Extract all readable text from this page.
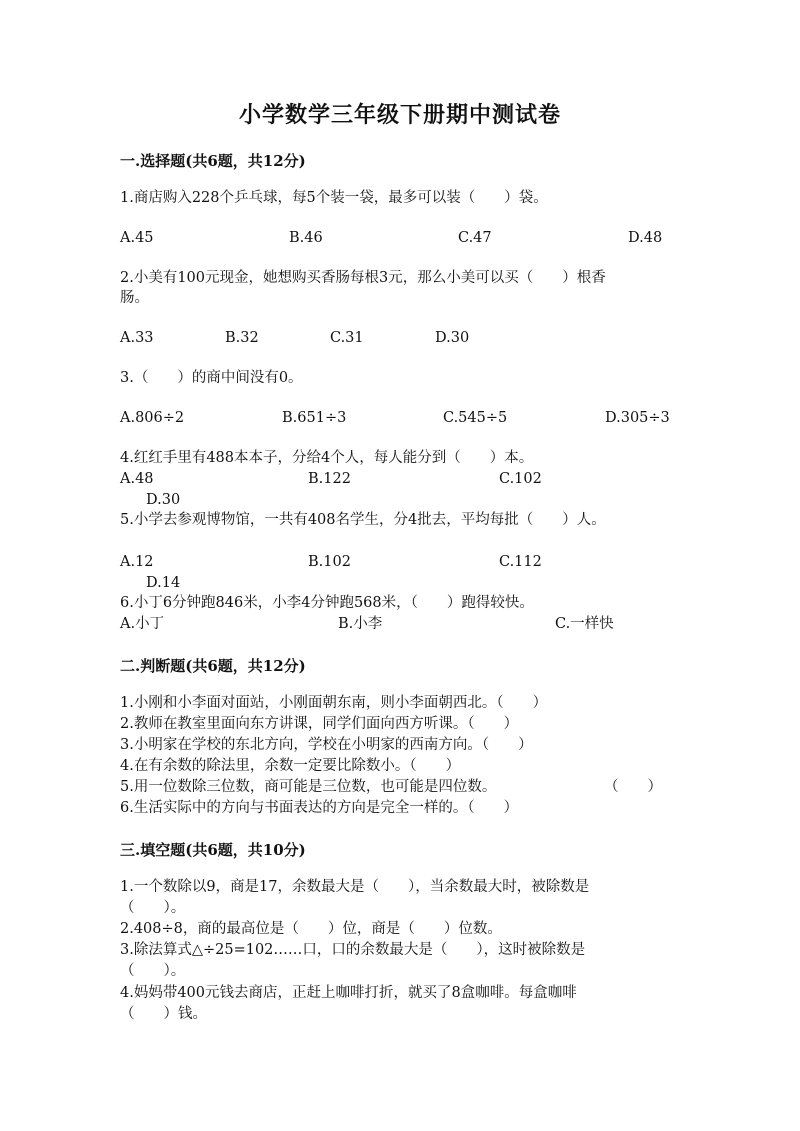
小学数学三年级下册期中测试卷
一.选择题(共6题，共12分)
1.商店购入228个乒乓球，每5个装一袋，最多可以装（　　）袋。
A.45	B.46	C.47	D.48
2.小美有100元现金，她想购买香肠每根3元，那么小美可以买（　　）根香
肠。
A.33	B.32	C.31	D.30
3.（　　）的商中间没有0。
A.806÷2	B.651÷3	C.545÷5	D.305÷3
4.红红手里有488本本子，分给4个人，每人能分到（　　）本。
A.48	B.122	C.102
D.30
5.小学去参观博物馆，一共有408名学生，分4批去，平均每批（　　）人。
A.12	B.102	C.112
D.14
6.小丁6分钟跑846米，小李4分钟跑568米，（　　）跑得较快。
A.小丁	B.小李	C.一样快
二.判断题(共6题，共12分)
1.小刚和小李面对面站，小刚面朝东南，则小李面朝西北。（　　）
2.教师在教室里面向东方讲课，同学们面向西方听课。（　　）
3.小明家在学校的东北方向，学校在小明家的西南方向。（　　）
4.在有余数的除法里，余数一定要比除数小。（　　）
5.用一位数除三位数，商可能是三位数，也可能是四位数。	（　　）
6.生活实际中的方向与书面表达的方向是完全一样的。（　　）
三.填空题(共6题，共10分)
1.一个数除以9，商是17，余数最大是（　　），当余数最大时，被除数是
（　　）。
2.408÷8，商的最高位是（　　）位，商是（　　）位数。
3.除法算式△÷25=102……口，口的余数最大是（　　），这时被除数是
（　　）。
4.妈妈带400元钱去商店，正赶上咖啡打折，就买了8盒咖啡。每盒咖啡
（　　）钱。
